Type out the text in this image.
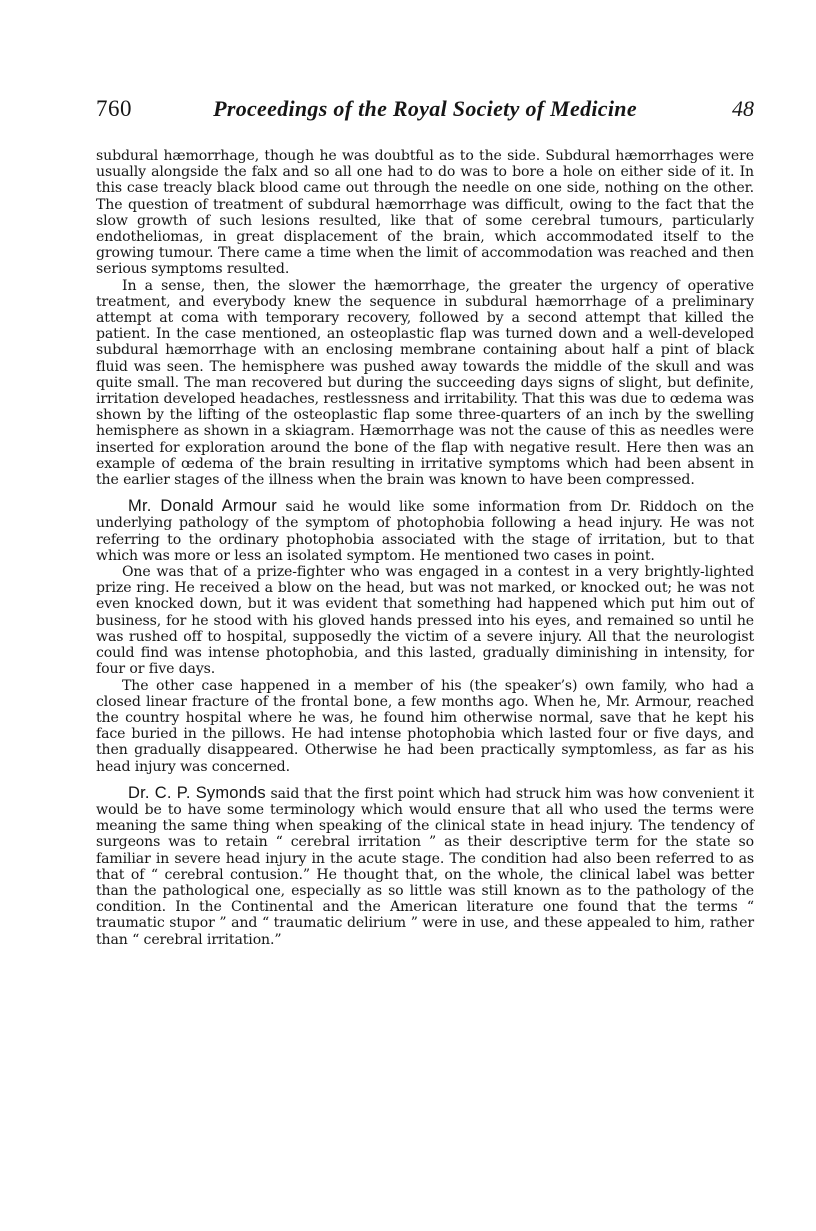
760	Proceedings of the Royal Society of Medicine	48

subdural hæmorrhage, though he was doubtful as to the side. Subdural hæmorrhages were usually alongside the falx and so all one had to do was to bore a hole on either side of it. In this case treacly black blood came out through the needle on one side, nothing on the other. The question of treatment of subdural hæmorrhage was difficult, owing to the fact that the slow growth of such lesions resulted, like that of some cerebral tumours, particularly endotheliomas, in great displacement of the brain, which accommodated itself to the growing tumour. There came a time when the limit of accommodation was reached and then serious symptoms resulted.

In a sense, then, the slower the hæmorrhage, the greater the urgency of operative treatment, and everybody knew the sequence in subdural hæmorrhage of a preliminary attempt at coma with temporary recovery, followed by a second attempt that killed the patient. In the case mentioned, an osteoplastic flap was turned down and a well-developed subdural hæmorrhage with an enclosing membrane containing about half a pint of black fluid was seen. The hemisphere was pushed away towards the middle of the skull and was quite small. The man recovered but during the succeeding days signs of slight, but definite, irritation developed headaches, restlessness and irritability. That this was due to œdema was shown by the lifting of the osteoplastic flap some three-quarters of an inch by the swelling hemisphere as shown in a skiagram. Hæmorrhage was not the cause of this as needles were inserted for exploration around the bone of the flap with negative result. Here then was an example of œdema of the brain resulting in irritative symptoms which had been absent in the earlier stages of the illness when the brain was known to have been compressed.

Mr. Donald Armour said he would like some information from Dr. Riddoch on the underlying pathology of the symptom of photophobia following a head injury. He was not referring to the ordinary photophobia associated with the stage of irritation, but to that which was more or less an isolated symptom. He mentioned two cases in point.

One was that of a prize-fighter who was engaged in a contest in a very brightly-lighted prize ring. He received a blow on the head, but was not marked, or knocked out; he was not even knocked down, but it was evident that something had happened which put him out of business, for he stood with his gloved hands pressed into his eyes, and remained so until he was rushed off to hospital, supposedly the victim of a severe injury. All that the neurologist could find was intense photophobia, and this lasted, gradually diminishing in intensity, for four or five days.

The other case happened in a member of his (the speaker’s) own family, who had a closed linear fracture of the frontal bone, a few months ago. When he, Mr. Armour, reached the country hospital where he was, he found him otherwise normal, save that he kept his face buried in the pillows. He had intense photophobia which lasted four or five days, and then gradually disappeared. Otherwise he had been practically symptomless, as far as his head injury was concerned.

Dr. C. P. Symonds said that the first point which had struck him was how convenient it would be to have some terminology which would ensure that all who used the terms were meaning the same thing when speaking of the clinical state in head injury. The tendency of surgeons was to retain “ cerebral irritation ” as their descriptive term for the state so familiar in severe head injury in the acute stage. The condition had also been referred to as that of “ cerebral contusion.” He thought that, on the whole, the clinical label was better than the pathological one, especially as so little was still known as to the pathology of the condition. In the Continental and the American literature one found that the terms “ traumatic stupor ” and “ traumatic delirium ” were in use, and these appealed to him, rather than “ cerebral irritation.”
